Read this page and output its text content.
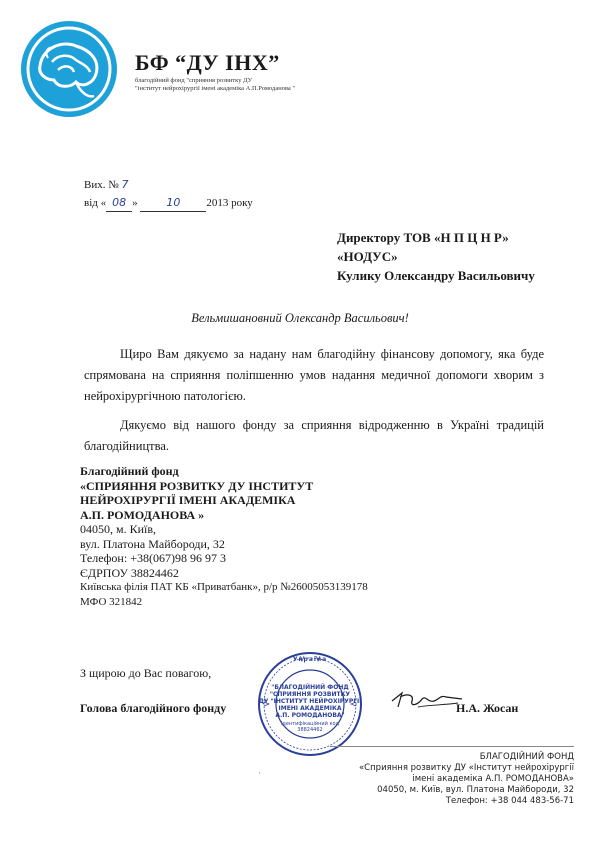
БФ “ДУ ІНХ”
благодійний фонд "сприяння розвитку ДУ
"інститут нейрохірургії імені академіка А.П.Ромоданова "
Вих. № 7
від « 08 »	10 2013 року
Директору ТОВ «Н П Ц Н Р»
«НОДУС»
Кулику Олександру Васильовичу
Вельмишановний Олександр Васильович!
Щиро Вам дякуємо за надану нам благодійну фінансову допомогу, яка буде спрямована на сприяння поліпшенню умов надання медичної допомоги хворим з нейрохірургічною патологією.
Дякуємо від нашого фонду за сприяння відродженню в Україні традицій благодійництва.
Благодійний фонд
«СПРИЯННЯ РОЗВИТКУ ДУ ІНСТИТУТ
НЕЙРОХІРУРГІЇ ІМЕНІ АКАДЕМІКА
А.П. РОМОДАНОВА »
04050, м. Київ,
вул. Платона Майбороди, 32
Телефон: +38(067)98 96 97 3
ЄДРПОУ 38824462
Київська філія ПАТ КБ «Приватбанк», р/р №26005053139178
МФО 321842
З щирою до Вас повагою,
"БЛАГОДІЙНИЙ ФОНД
"СПРИЯННЯ РОЗВИТКУ
ДУ "ІНСТИТУТ НЕЙРОХІРУРГІЇ
ІМЕНІ АКАДЕМІКА
А.П. РОМОДАНОВА"
Ідентифікаційний код
38824462
Україна
Голова благодійного фонду	Н.А. Жосан
·
БЛАГОДІЙНИЙ ФОНД
«Сприяння розвитку ДУ «Інститут нейрохірургії
імені академіка А.П. РОМОДАНОВА»
04050, м. Київ, вул. Платона Майбороди, 32
Телефон: +38 044 483-56-71
